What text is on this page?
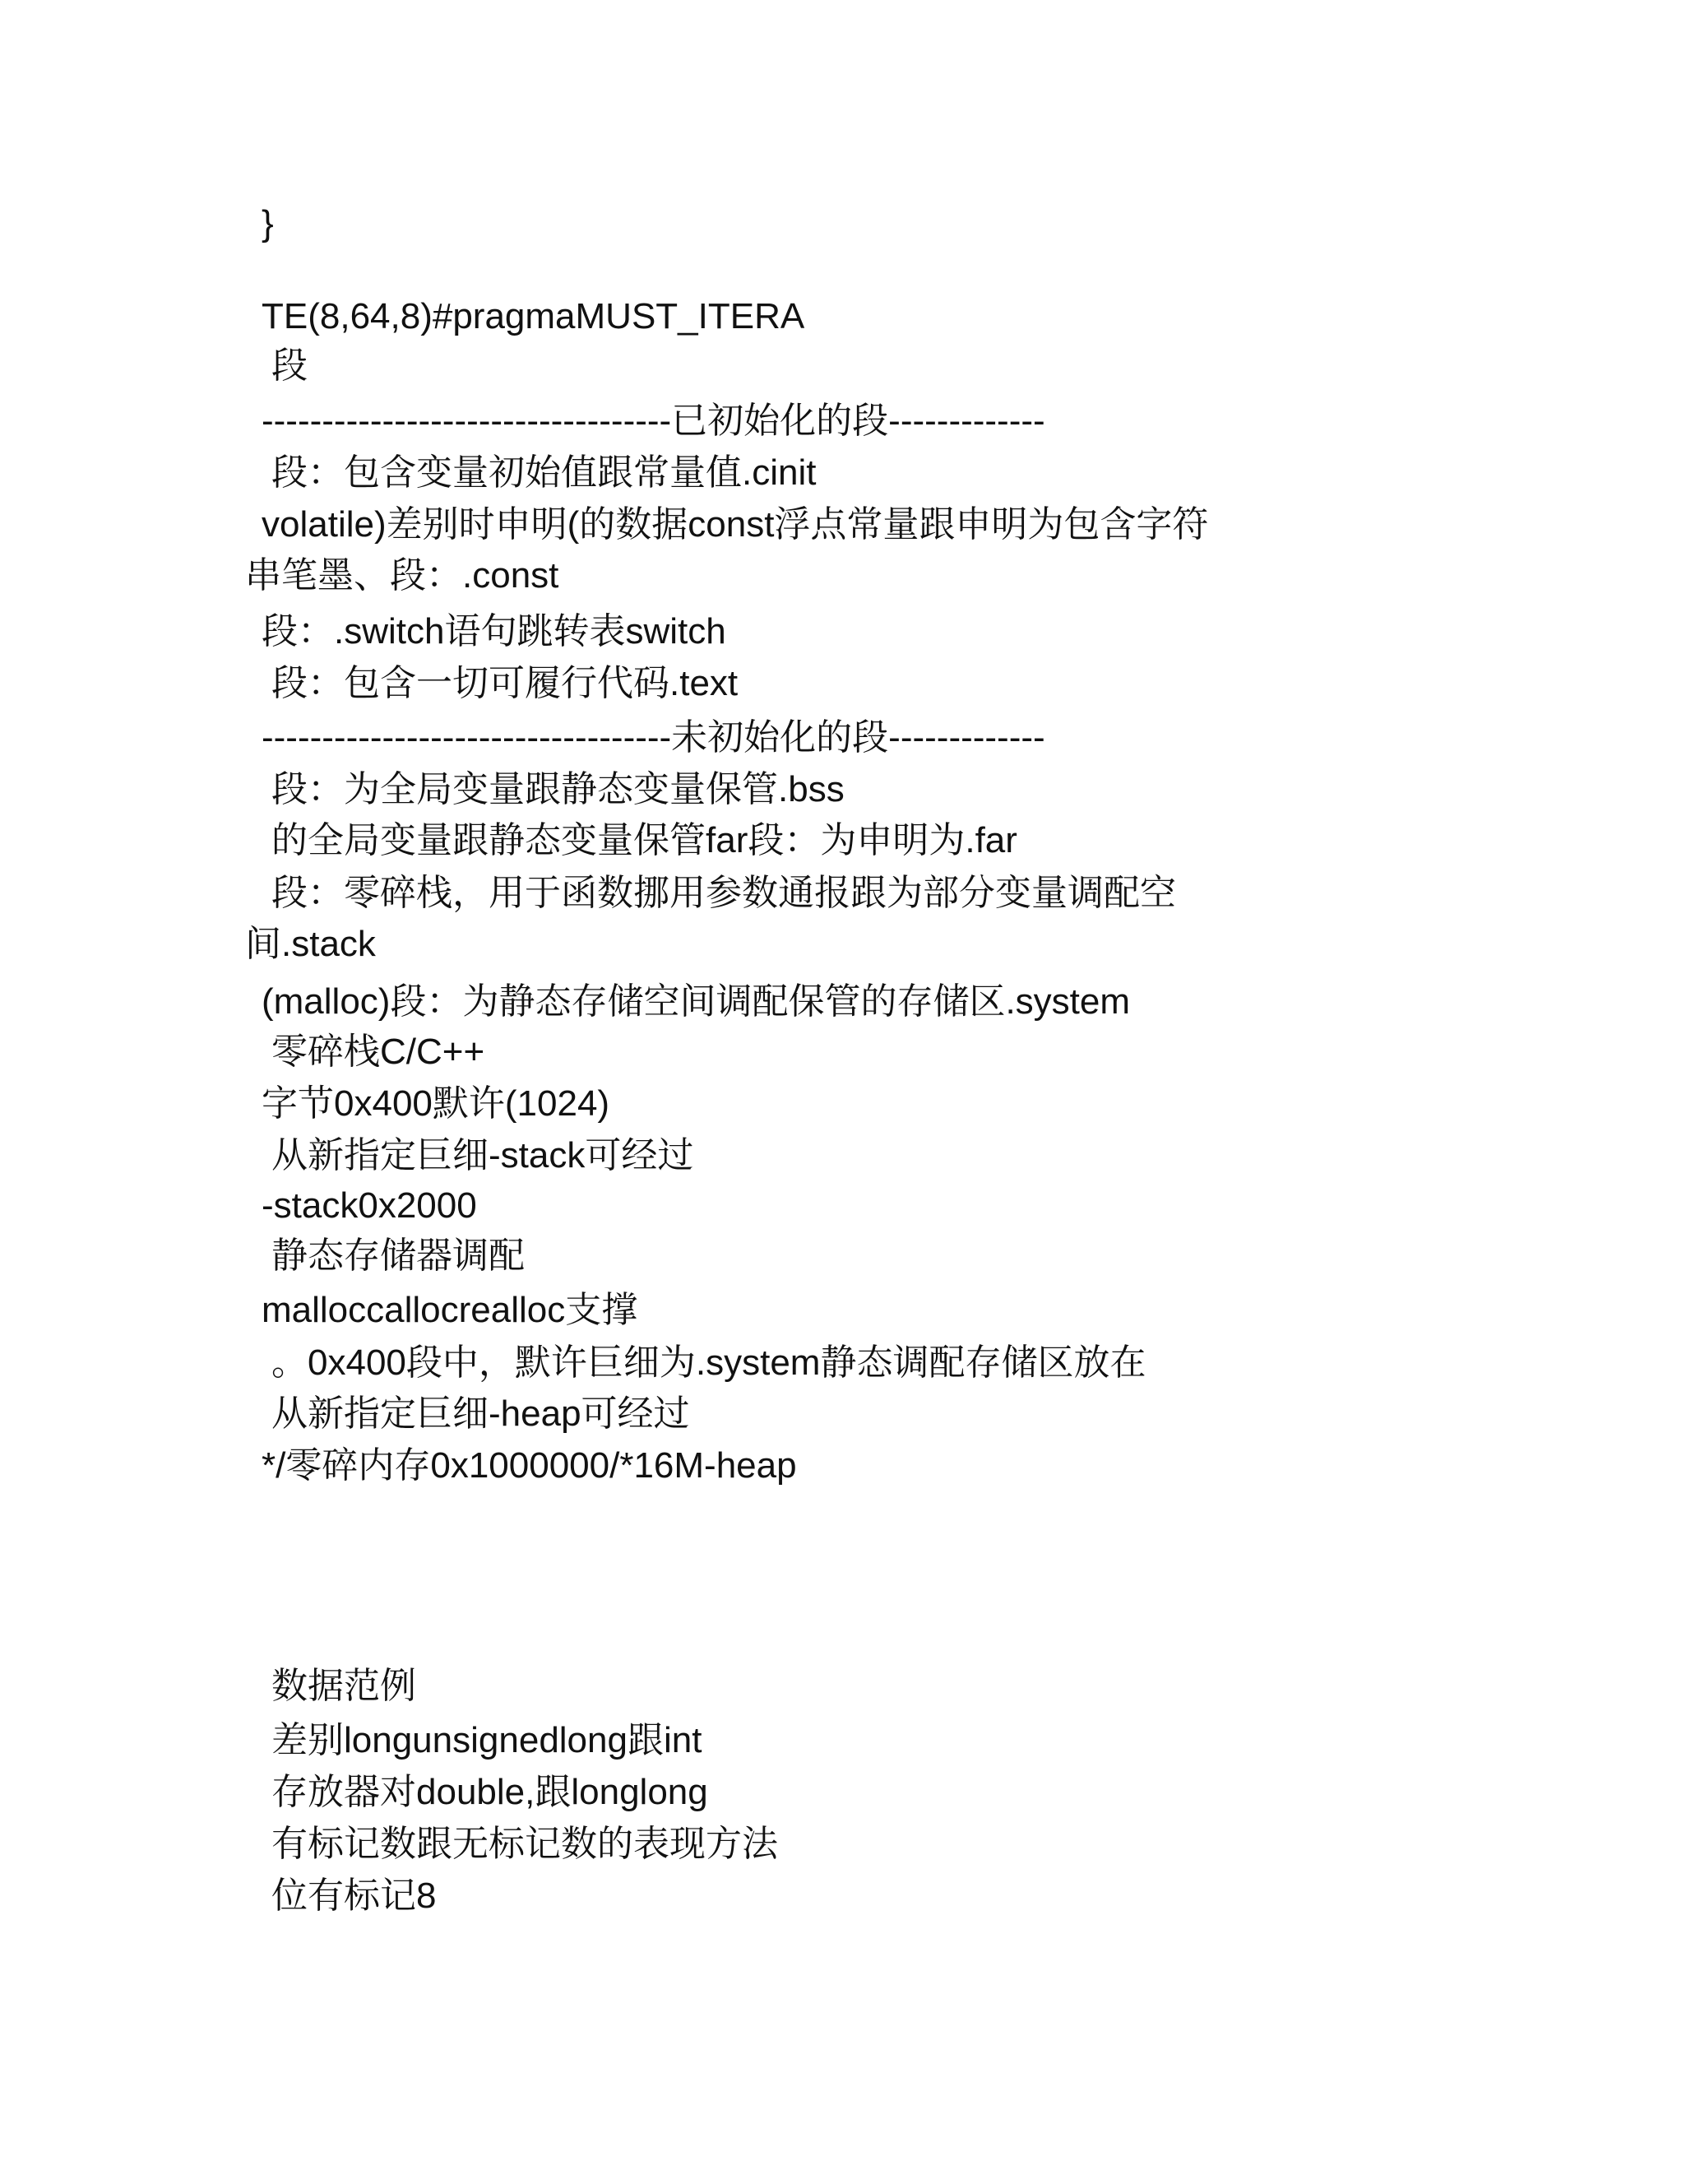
}
TE(8,64,8)#pragmaMUST_ITERA
段
----------------------------------已初始化的段-------------
段：包含变量初始值跟常量值.cinit
volatile)差别时申明(的数据const浮点常量跟申明为包含字符
串笔墨、段：.const
段：.switch语句跳转表switch
段：包含一切可履行代码.text
----------------------------------未初始化的段-------------
段：为全局变量跟静态变量保管.bss
的全局变量跟静态变量保管far段：为申明为.far
段：零碎栈，用于函数挪用参数通报跟为部分变量调配空
间.stack
(malloc)段：为静态存储空间调配保管的存储区.system
零碎栈C/C++
字节0x400默许(1024)
从新指定巨细-stack可经过
-stack0x2000
静态存储器调配
malloccallocrealloc支撑
。0x400段中，默许巨细为.system静态调配存储区放在
从新指定巨细-heap可经过
*/零碎内存0x1000000/*16M-heap
数据范例
差别longunsignedlong跟int
存放器对double,跟longlong
有标记数跟无标记数的表现方法
位有标记8
